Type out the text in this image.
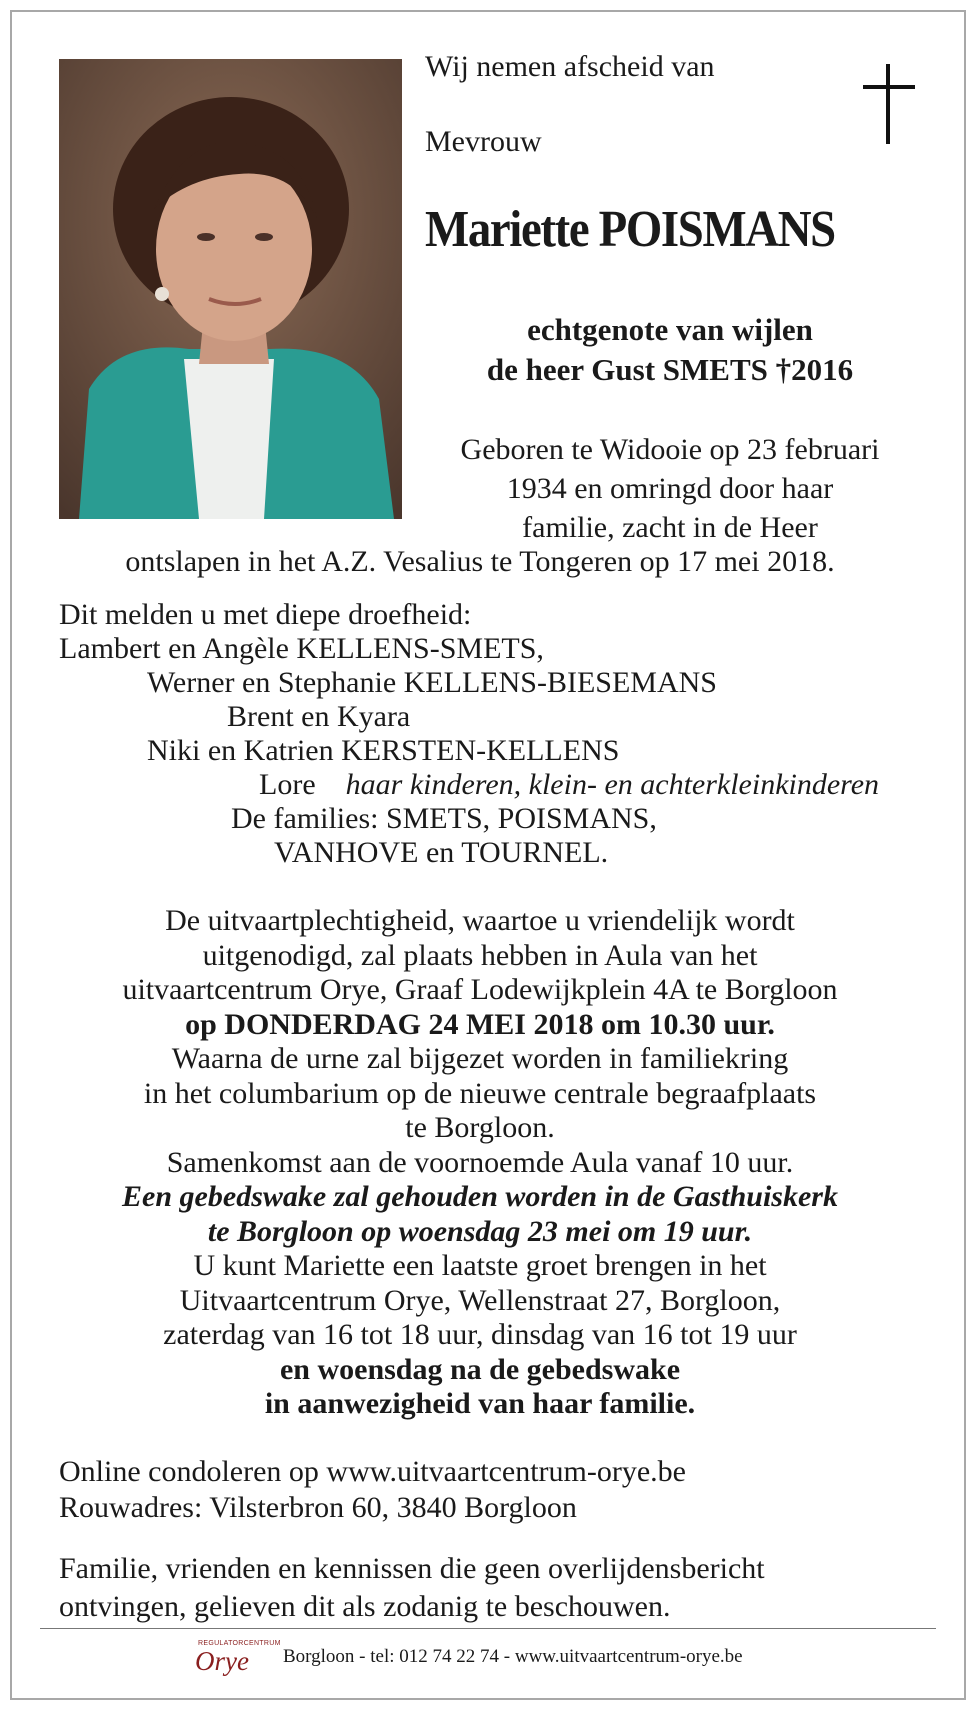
Wij nemen afscheid van
Mevrouw
Mariette POISMANS
echtgenote van wijlen
de heer Gust SMETS †2016
Geboren te Widooie op 23 februari
1934 en omringd door haar
familie, zacht in de Heer
ontslapen in het A.Z. Vesalius te Tongeren op 17 mei 2018.
Dit melden u met diepe droefheid:
Lambert en Angèle KELLENS-SMETS,
Werner en Stephanie KELLENS-BIESEMANS
Brent en Kyara
Niki en Katrien KERSTEN-KELLENS
Lore haar kinderen, klein- en achterkleinkinderen
De families: SMETS, POISMANS,
VANHOVE en TOURNEL.
De uitvaartplechtigheid, waartoe u vriendelijk wordt
uitgenodigd, zal plaats hebben in Aula van het
uitvaartcentrum Orye, Graaf Lodewijkplein 4A te Borgloon
op DONDERDAG 24 MEI 2018 om 10.30 uur.
Waarna de urne zal bijgezet worden in familiekring
in het columbarium op de nieuwe centrale begraafplaats
te Borgloon.
Samenkomst aan de voornoemde Aula vanaf 10 uur.
Een gebedswake zal gehouden worden in de Gasthuiskerk
te Borgloon op woensdag 23 mei om 19 uur.
U kunt Mariette een laatste groet brengen in het
Uitvaartcentrum Orye, Wellenstraat 27, Borgloon,
zaterdag van 16 tot 18 uur, dinsdag van 16 tot 19 uur
en woensdag na de gebedswake
in aanwezigheid van haar familie.
Online condoleren op www.uitvaartcentrum-orye.be
Rouwadres: Vilsterbron 60, 3840 Borgloon
Familie, vrienden en kennissen die geen overlijdensbericht
ontvingen, gelieven dit als zodanig te beschouwen.
REGULATORCENTRUM
Orye Borgloon - tel: 012 74 22 74 - www.uitvaartcentrum-orye.be
